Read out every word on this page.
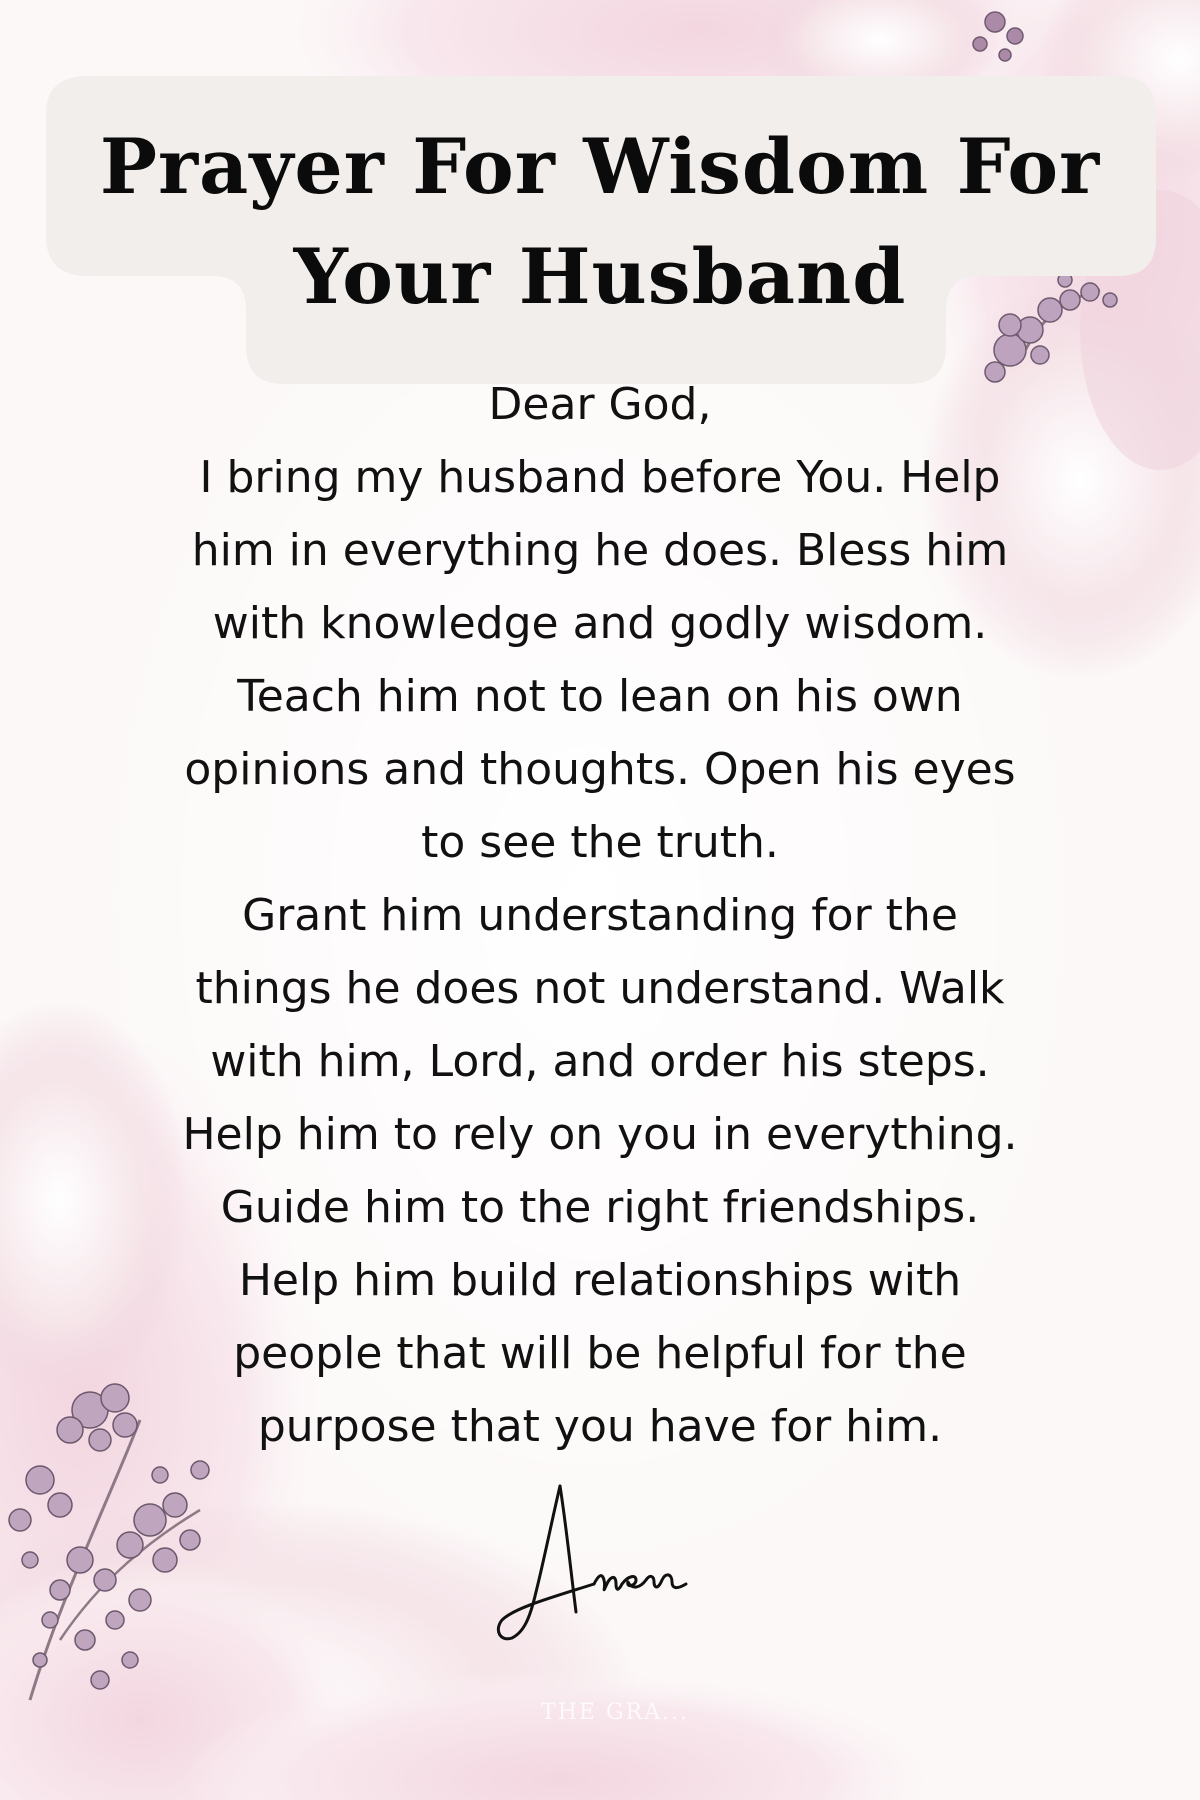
Prayer For Wisdom For
Your Husband
Dear God,
I bring my husband before You. Help
him in everything he does. Bless him
with knowledge and godly wisdom.
Teach him not to lean on his own
opinions and thoughts. Open his eyes
to see the truth.
Grant him understanding for the
things he does not understand. Walk
with him, Lord, and order his steps.
Help him to rely on you in everything.
Guide him to the right friendships.
Help him build relationships with
people that will be helpful for the
purpose that you have for him.
THE GRA...
